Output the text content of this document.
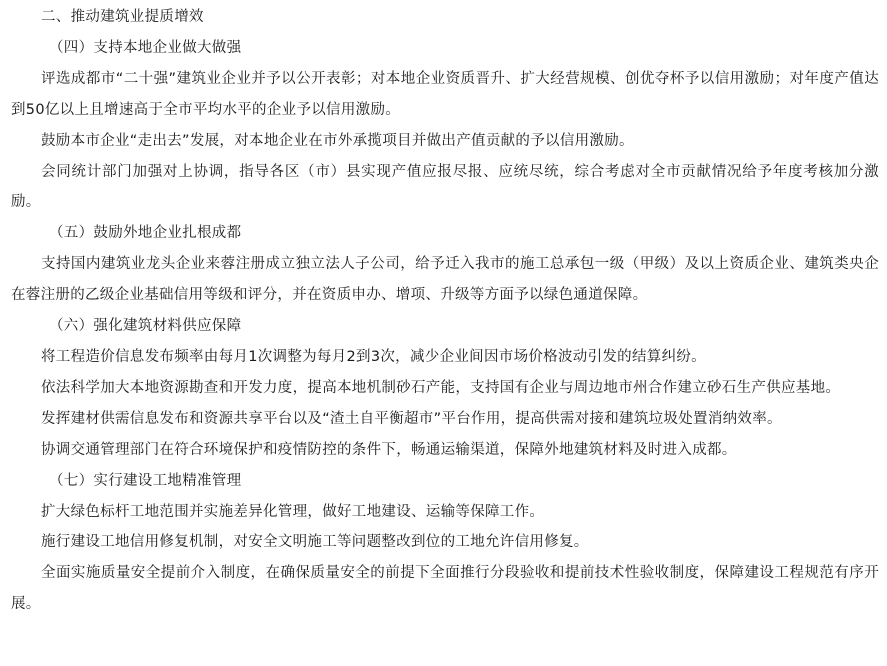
二、推动建筑业提质增效
（四）支持本地企业做大做强
评选成都市“二十强”建筑业企业并予以公开表彰；对本地企业资质晋升、扩大经营规模、创优夺杯予以信用激励；对年度产值达到50亿以上且增速高于全市平均水平的企业予以信用激励。
鼓励本市企业“走出去”发展，对本地企业在市外承揽项目并做出产值贡献的予以信用激励。
会同统计部门加强对上协调，指导各区（市）县实现产值应报尽报、应统尽统，综合考虑对全市贡献情况给予年度考核加分激励。
（五）鼓励外地企业扎根成都
支持国内建筑业龙头企业来蓉注册成立独立法人子公司，给予迁入我市的施工总承包一级（甲级）及以上资质企业、建筑类央企在蓉注册的乙级企业基础信用等级和评分，并在资质申办、增项、升级等方面予以绿色通道保障。
（六）强化建筑材料供应保障
将工程造价信息发布频率由每月1次调整为每月2到3次，减少企业间因市场价格波动引发的结算纠纷。
依法科学加大本地资源勘查和开发力度，提高本地机制砂石产能，支持国有企业与周边地市州合作建立砂石生产供应基地。
发挥建材供需信息发布和资源共享平台以及“渣土自平衡超市”平台作用，提高供需对接和建筑垃圾处置消纳效率。
协调交通管理部门在符合环境保护和疫情防控的条件下，畅通运输渠道，保障外地建筑材料及时进入成都。
（七）实行建设工地精准管理
扩大绿色标杆工地范围并实施差异化管理，做好工地建设、运输等保障工作。
施行建设工地信用修复机制，对安全文明施工等问题整改到位的工地允许信用修复。
全面实施质量安全提前介入制度，在确保质量安全的前提下全面推行分段验收和提前技术性验收制度，保障建设工程规范有序开展。
